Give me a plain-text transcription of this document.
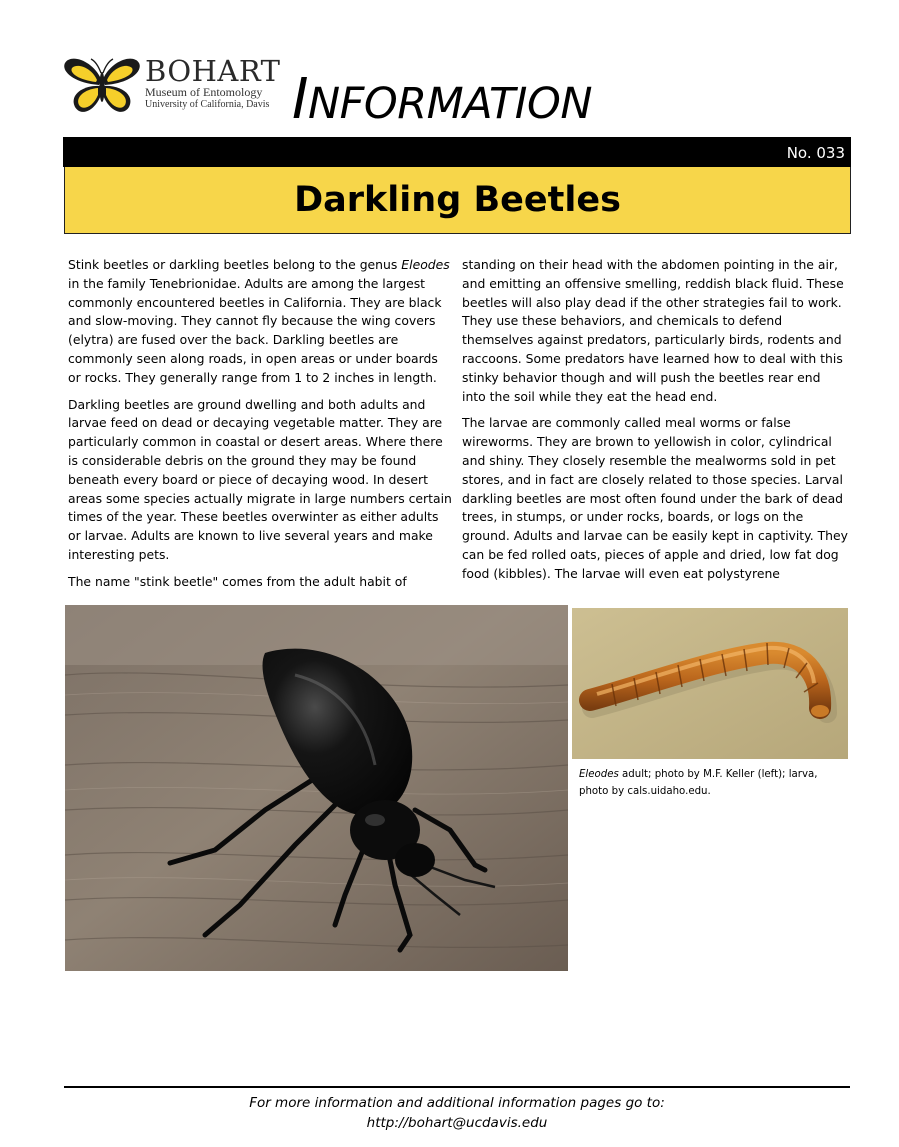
BOHART
Museum of Entomology
University of California, Davis INFORMATION
No. 033
Darkling Beetles

Stink beetles or darkling beetles belong to the genus Eleodes
in the family Tenebrionidae. Adults are among the largest
commonly encountered beetles in California. They are black
and slow-moving. They cannot fly because the wing covers
(elytra) are fused over the back. Darkling beetles are
commonly seen along roads, in open areas or under boards
or rocks. They generally range from 1 to 2 inches in length.

Darkling beetles are ground dwelling and both adults and
larvae feed on dead or decaying vegetable matter. They are
particularly common in coastal or desert areas. Where there
is considerable debris on the ground they may be found
beneath every board or piece of decaying wood. In desert
areas some species actually migrate in large numbers certain
times of the year. These beetles overwinter as either adults
or larvae. Adults are known to live several years and make
interesting pets.

The name "stink beetle" comes from the adult habit of

standing on their head with the abdomen pointing in the air,
and emitting an offensive smelling, reddish black fluid. These
beetles will also play dead if the other strategies fail to work.
They use these behaviors, and chemicals to defend
themselves against predators, particularly birds, rodents and
raccoons. Some predators have learned how to deal with this
stinky behavior though and will push the beetles rear end
into the soil while they eat the head end.

The larvae are commonly called meal worms or false
wireworms. They are brown to yellowish in color, cylindrical
and shiny. They closely resemble the mealworms sold in pet
stores, and in fact are closely related to those species. Larval
darkling beetles are most often found under the bark of dead
trees, in stumps, or under rocks, boards, or logs on the
ground. Adults and larvae can be easily kept in captivity. They
can be fed rolled oats, pieces of apple and dried, low fat dog
food (kibbles). The larvae will even eat polystyrene

Eleodes adult; photo by M.F. Keller (left); larva,
photo by cals.uidaho.edu.
For more information and additional information pages go to:
http://bohart@ucdavis.edu
